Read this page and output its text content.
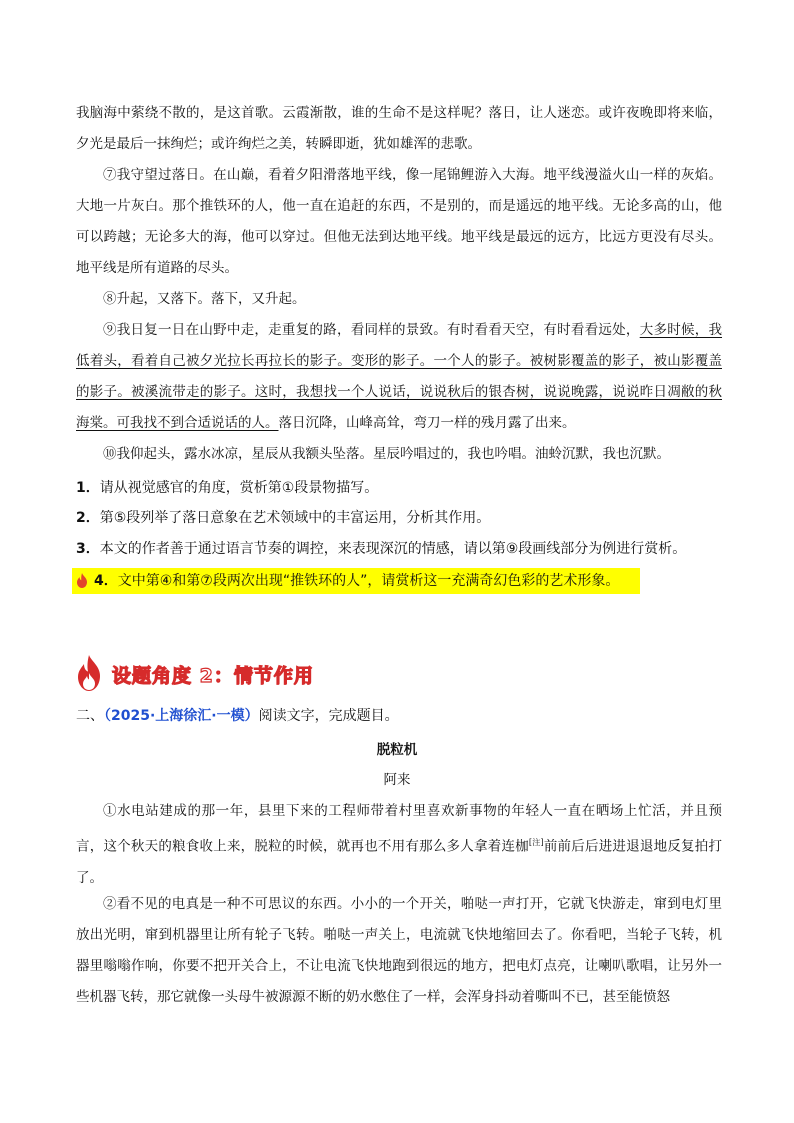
我脑海中萦绕不散的，是这首歌。云霞渐散，谁的生命不是这样呢？落日，让人迷恋。或许夜晚即将来临，夕光是最后一抹绚烂；或许绚烂之美，转瞬即逝，犹如雄浑的悲歌。

⑦我守望过落日。在山巅，看着夕阳滑落地平线，像一尾锦鲤游入大海。地平线漫溢火山一样的灰焰。大地一片灰白。那个推铁环的人，他一直在追赶的东西，不是别的，而是遥远的地平线。无论多高的山，他可以跨越；无论多大的海，他可以穿过。但他无法到达地平线。地平线是最远的远方，比远方更没有尽头。地平线是所有道路的尽头。

⑧升起，又落下。落下，又升起。

⑨我日复一日在山野中走，走重复的路，看同样的景致。有时看看天空，有时看看远处，大多时候，我低着头，看着自己被夕光拉长再拉长的影子。变形的影子。一个人的影子。被树影覆盖的影子，被山影覆盖的影子。被溪流带走的影子。这时，我想找一个人说话，说说秋后的银杏树，说说晚露，说说昨日凋敝的秋海棠。可我找不到合适说话的人。落日沉降，山峰高耸，弯刀一样的残月露了出来。

⑩我仰起头，露水冰凉，星辰从我额头坠落。星辰吟唱过的，我也吟唱。油蛉沉默，我也沉默。

1．请从视觉感官的角度，赏析第①段景物描写。

2．第⑤段列举了落日意象在艺术领域中的丰富运用，分析其作用。

3．本文的作者善于通过语言节奏的调控，来表现深沉的情感，请以第⑨段画线部分为例进行赏析。

4．文中第④和第⑦段两次出现“推铁环的人”，请赏析这一充满奇幻色彩的艺术形象。
设题角度 2：情节作用
二、（2025·上海徐汇·一模）阅读文字，完成题目。
脱粒机
阿来

①水电站建成的那一年，县里下来的工程师带着村里喜欢新事物的年轻人一直在晒场上忙活，并且预言，这个秋天的粮食收上来，脱粒的时候，就再也不用有那么多人拿着连枷[注]前前后后进进退退地反复拍打了。

②看不见的电真是一种不可思议的东西。小小的一个开关，啪哒一声打开，它就飞快游走，窜到电灯里放出光明，窜到机器里让所有轮子飞转。啪哒一声关上，电流就飞快地缩回去了。你看吧，当轮子飞转，机器里嗡嗡作响，你要不把开关合上，不让电流飞快地跑到很远的地方，把电灯点亮，让喇叭歌唱，让另外一些机器飞转，那它就像一头母牛被源源不断的奶水憋住了一样，会浑身抖动着嘶叫不已，甚至能愤怒
